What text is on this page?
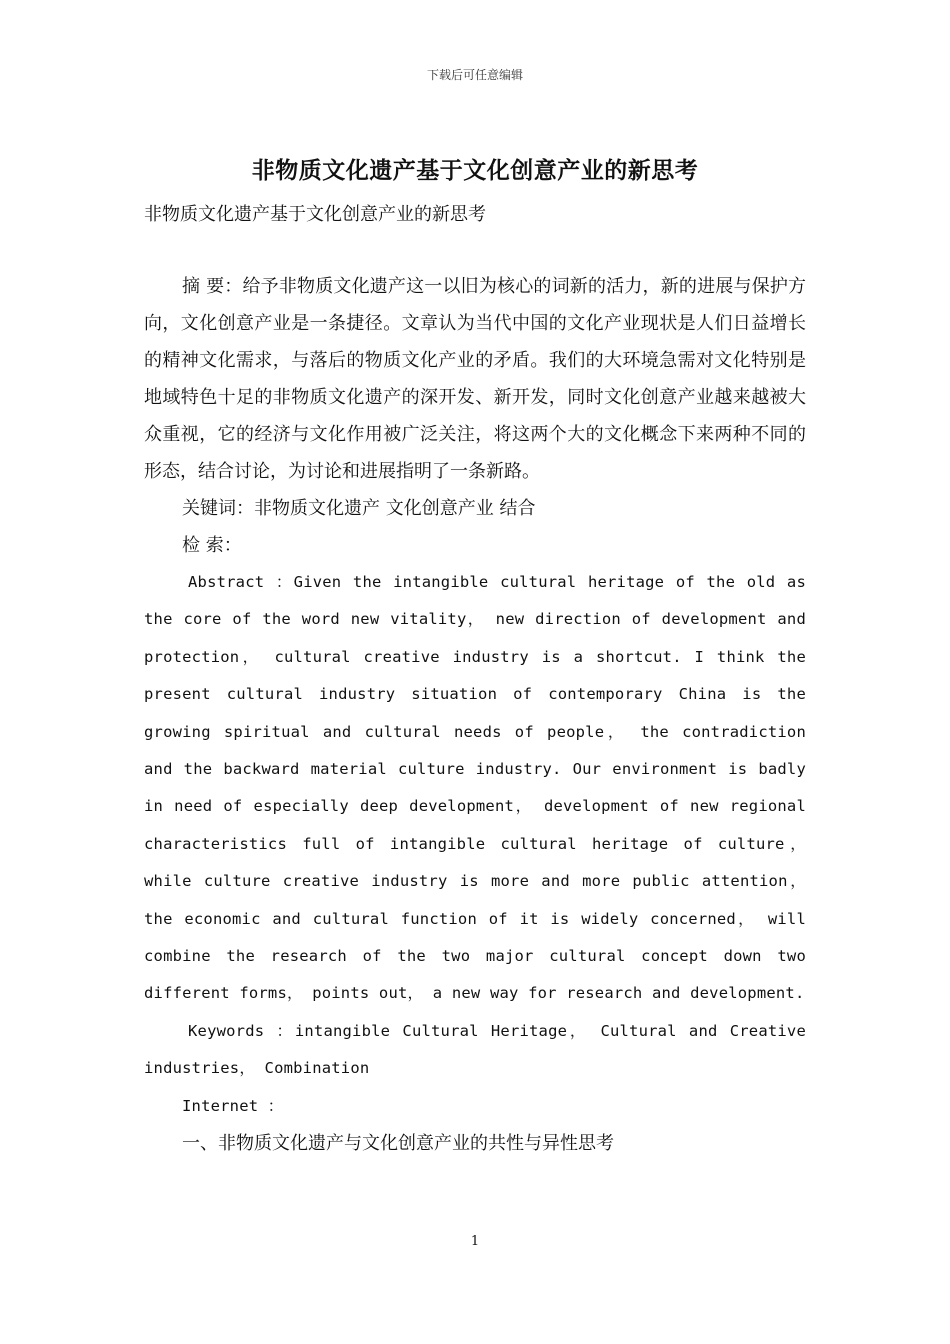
下载后可任意编辑
非物质文化遗产基于文化创意产业的新思考
非物质文化遗产基于文化创意产业的新思考

摘 要：给予非物质文化遗产这一以旧为核心的词新的活力，新的进展与保护方向，文化创意产业是一条捷径。文章认为当代中国的文化产业现状是人们日益增长的精神文化需求，与落后的物质文化产业的矛盾。我们的大环境急需对文化特别是地域特色十足的非物质文化遗产的深开发、新开发，同时文化创意产业越来越被大众重视，它的经济与文化作用被广泛关注，将这两个大的文化概念下来两种不同的形态，结合讨论，为讨论和进展指明了一条新路。

关键词：非物质文化遗产 文化创意产业 结合

检 索：

Abstract ：Given the intangible cultural heritage of the old as the core of the word new vitality， new direction of development and protection， cultural creative industry is a shortcut. I think the present cultural industry situation of contemporary China is the growing spiritual and cultural needs of people， the contradiction and the backward material culture industry. Our environment is badly in need of especially deep development， development of new regional characteristics full of intangible cultural heritage of culture， while culture creative industry is more and more public attention， the economic and cultural function of it is widely concerned， will combine the research of the two major cultural concept down two different forms， points out， a new way for research and development.

Keywords ：intangible Cultural Heritage， Cultural and Creative industries， Combination

Internet ：

一、非物质文化遗产与文化创意产业的共性与异性思考

1
